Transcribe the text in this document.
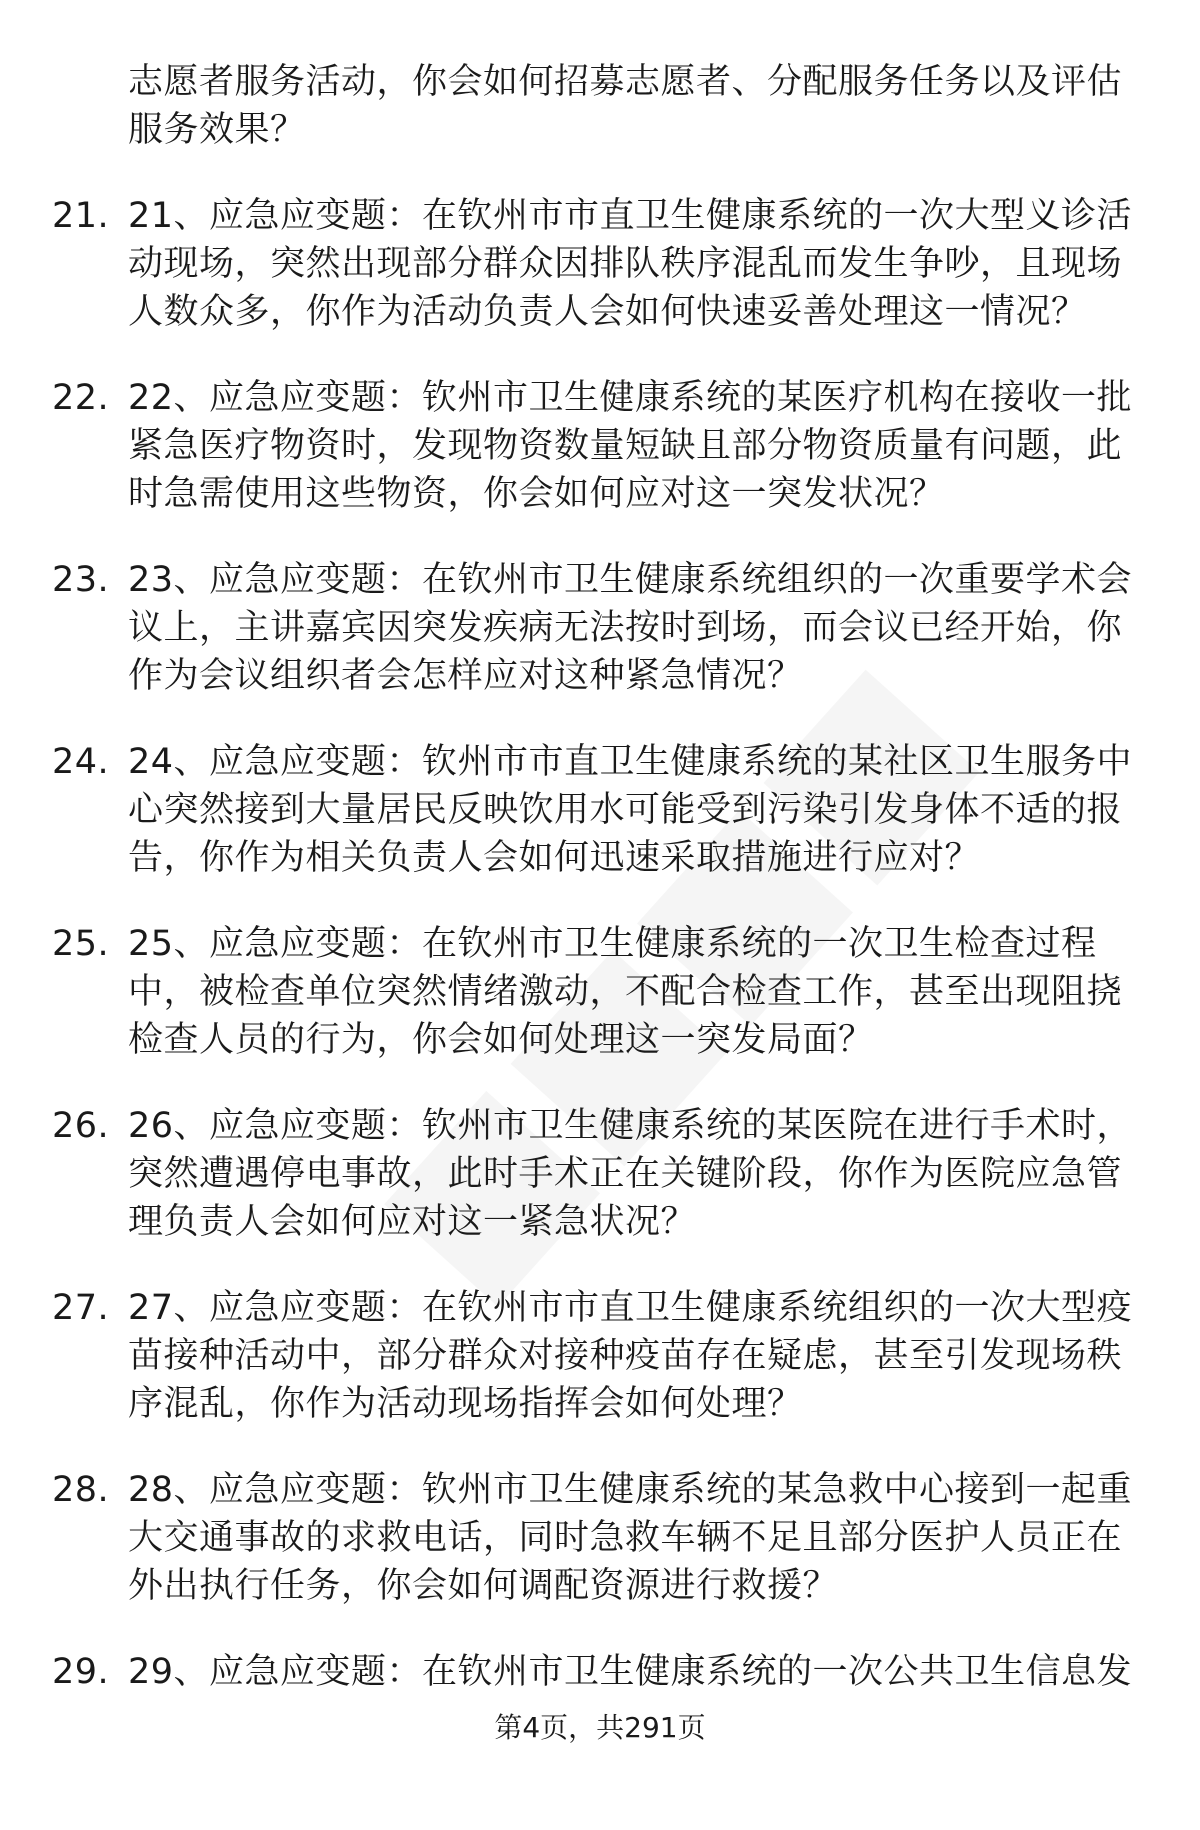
志愿者服务活动，你会如何招募志愿者、分配服务任务以及评估服务效果？
21. 21、应急应变题：在钦州市市直卫生健康系统的一次大型义诊活动现场，突然出现部分群众因排队秩序混乱而发生争吵，且现场人数众多，你作为活动负责人会如何快速妥善处理这一情况？
22. 22、应急应变题：钦州市卫生健康系统的某医疗机构在接收一批紧急医疗物资时，发现物资数量短缺且部分物资质量有问题，此时急需使用这些物资，你会如何应对这一突发状况？
23. 23、应急应变题：在钦州市卫生健康系统组织的一次重要学术会议上，主讲嘉宾因突发疾病无法按时到场，而会议已经开始，你作为会议组织者会怎样应对这种紧急情况？
24. 24、应急应变题：钦州市市直卫生健康系统的某社区卫生服务中心突然接到大量居民反映饮用水可能受到污染引发身体不适的报告，你作为相关负责人会如何迅速采取措施进行应对？
25. 25、应急应变题：在钦州市卫生健康系统的一次卫生检查过程中，被检查单位突然情绪激动，不配合检查工作，甚至出现阻挠检查人员的行为，你会如何处理这一突发局面？
26. 26、应急应变题：钦州市卫生健康系统的某医院在进行手术时，突然遭遇停电事故，此时手术正在关键阶段，你作为医院应急管理负责人会如何应对这一紧急状况？
27. 27、应急应变题：在钦州市市直卫生健康系统组织的一次大型疫苗接种活动中，部分群众对接种疫苗存在疑虑，甚至引发现场秩序混乱，你作为活动现场指挥会如何处理？
28. 28、应急应变题：钦州市卫生健康系统的某急救中心接到一起重大交通事故的求救电话，同时急救车辆不足且部分医护人员正在外出执行任务，你会如何调配资源进行救援？
29. 29、应急应变题：在钦州市卫生健康系统的一次公共卫生信息发
第4页，共291页
